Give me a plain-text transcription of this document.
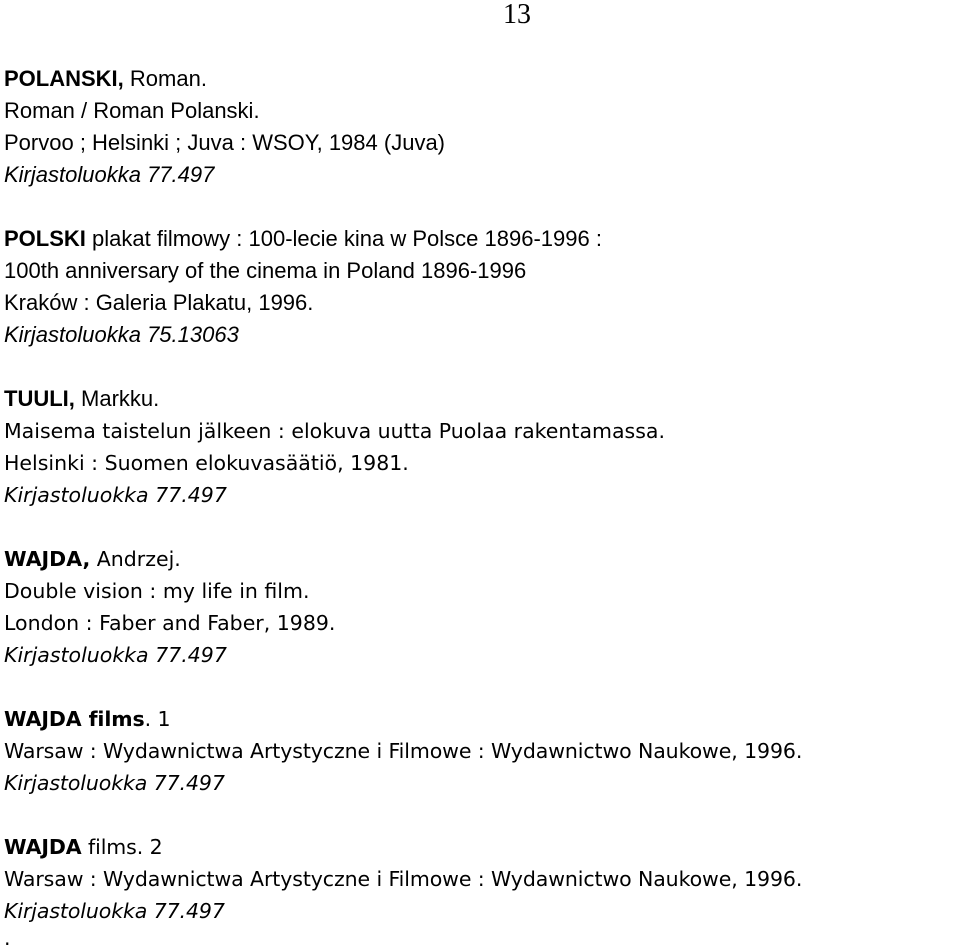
13
POLANSKI, Roman.
Roman / Roman Polanski.
Porvoo ; Helsinki ; Juva : WSOY, 1984 (Juva)
Kirjastoluokka 77.497
POLSKI plakat filmowy : 100-lecie kina w Polsce 1896-1996 :
100th anniversary of the cinema in Poland 1896-1996
Kraków : Galeria Plakatu, 1996.
Kirjastoluokka 75.13063
TUULI, Markku.
Maisema taistelun jälkeen : elokuva uutta Puolaa rakentamassa.
Helsinki : Suomen elokuvasäätiö, 1981.
Kirjastoluokka 77.497
WAJDA, Andrzej.
Double vision : my life in film.
London : Faber and Faber, 1989.
Kirjastoluokka 77.497
WAJDA films. 1
Warsaw : Wydawnictwa Artystyczne i Filmowe : Wydawnictwo Naukowe, 1996.
Kirjastoluokka 77.497
WAJDA films. 2
Warsaw : Wydawnictwa Artystyczne i Filmowe : Wydawnictwo Naukowe, 1996.
Kirjastoluokka 77.497
.
